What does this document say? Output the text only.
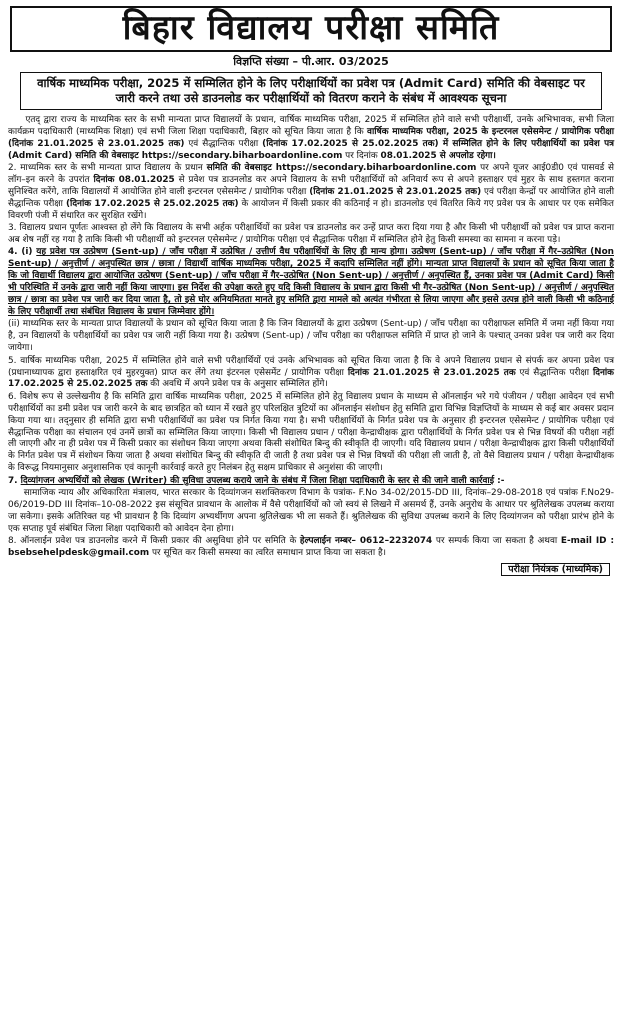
बिहार विद्यालय परीक्षा समिति
विज्ञप्ति संख्या – पी.आर. 03/2025
वार्षिक माध्यमिक परीक्षा, 2025 में सम्मिलित होने के लिए परीक्षार्थियों का प्रवेश पत्र (Admit Card) समिति की वेबसाइट पर जारी करने तथा उसे डाउनलोड कर परीक्षार्थियों को वितरण कराने के संबंध में आवश्यक सूचना

एतद् द्वारा राज्य के माध्यमिक स्तर के सभी मान्यता प्राप्त विद्यालयों के प्रधान, वार्षिक माध्यमिक परीक्षा, 2025 में सम्मिलित होने वाले सभी परीक्षार्थी, उनके अभिभावक, सभी जिला कार्यक्रम पदाधिकारी (माध्यमिक शिक्षा) एवं सभी जिला शिक्षा पदाधिकारी, बिहार को सूचित किया जाता है कि वार्षिक माध्यमिक परीक्षा, 2025 के इन्टरनल एसेसमेन्ट / प्रायोगिक परीक्षा (दिनांक 21.01.2025 से 23.01.2025 तक) एवं सैद्धान्तिक परीक्षा (दिनांक 17.02.2025 से 25.02.2025 तक) में सम्मिलित होने के लिए परीक्षार्थियों का प्रवेश पत्र (Admit Card) समिति की वेबसाइट https://secondary.biharboardonline.com पर दिनांक 08.01.2025 से अपलोड रहेगा।

2. माध्यमिक स्तर के सभी मान्यता प्राप्त विद्यालय के प्रधान समिति की वेबसाइट https://secondary.biharboardonline.com पर अपने यूजर आई0डी0 एवं पासवर्ड से लॉग–इन करने के उपरांत दिनांक 08.01.2025 से प्रवेश पत्र डाउनलोड कर अपने विद्यालय के सभी परीक्षार्थियों को अनिवार्य रूप से अपने हस्ताक्षर एवं मुहर के साथ हस्तगत कराना सुनिश्चित करेंगे, ताकि विद्यालयों में आयोजित होने वाली इन्टरनल एसेसमेन्ट / प्रायोगिक परीक्षा (दिनांक 21.01.2025 से 23.01.2025 तक) एवं परीक्षा केन्द्रों पर आयोजित होने वाली सैद्धान्तिक परीक्षा (दिनांक 17.02.2025 से 25.02.2025 तक) के आयोजन में किसी प्रकार की कठिनाई न हो। डाउनलोड एवं वितरित किये गए प्रवेश पत्र के आधार पर एक समेकित विवरणी पंजी में संधारित कर सुरक्षित रखेंगे।

3. विद्यालय प्रधान पूर्णतः आश्वस्त हो लेंगे कि विद्यालय के सभी अर्हक परीक्षार्थियों का प्रवेश पत्र डाउनलोड कर उन्हें प्राप्त करा दिया गया है और किसी भी परीक्षार्थी को प्रवेश पत्र प्राप्त कराना अब शेष नहीं रह गया है ताकि किसी भी परीक्षार्थी को इन्टरनल एसेसमेन्ट / प्रायोगिक परीक्षा एवं सैद्धान्तिक परीक्षा में सम्मिलित होने हेतु किसी समस्या का सामना न करना पड़े।

4. (i) यह प्रवेश पत्र उत्प्रेषण (Sent-up) / जाँच परीक्षा में उत्प्रेषित / उत्तीर्ण वैध परीक्षार्थियों के लिए ही मान्य होगा। उत्प्रेषण (Sent-up) / जाँच परीक्षा में गैर–उत्प्रेषित (Non Sent-up) / अनुत्तीर्ण / अनुपस्थित छात्र / छात्रा / विद्यार्थी वार्षिक माध्यमिक परीक्षा, 2025 में कदापि सम्मिलित नहीं होंगे। मान्यता प्राप्त विद्यालयों के प्रधान को सूचित किया जाता है कि जो विद्यार्थी विद्यालय द्वारा आयोजित उत्प्रेषण (Sent-up) / जाँच परीक्षा में गैर–उत्प्रेषित (Non Sent-up) / अनुत्तीर्ण / अनुपस्थित हैं, उनका प्रवेश पत्र (Admit Card) किसी भी परिस्थिति में उनके द्वारा जारी नहीं किया जाएगा। इस निर्देश की उपेक्षा करते हुए यदि किसी विद्यालय के प्रधान द्वारा किसी भी गैर–उत्प्रेषित (Non Sent-up) / अनुत्तीर्ण / अनुपस्थित छात्र / छात्रा का प्रवेश पत्र जारी कर दिया जाता है, तो इसे घोर अनियमितता मानते हुए समिति द्वारा मामले को अत्यंत गंभीरता से लिया जाएगा और इससे उत्पन्न होने वाली किसी भी कठिनाई के लिए परीक्षार्थी तथा संबंधित विद्यालय के प्रधान जिम्मेवार होंगे।

(ii) माध्यमिक स्तर के मान्यता प्राप्त विद्यालयों के प्रधान को सूचित किया जाता है कि जिन विद्यालयों के द्वारा उत्प्रेषण (Sent-up) / जाँच परीक्षा का परीक्षाफल समिति में जमा नहीं किया गया है, उन विद्यालयों के परीक्षार्थियों का प्रवेश पत्र जारी नहीं किया गया है। उत्प्रेषण (Sent-up) / जाँच परीक्षा का परीक्षाफल समिति में प्राप्त हो जाने के पश्चात् उनका प्रवेश पत्र जारी कर दिया जायेगा।

5. वार्षिक माध्यमिक परीक्षा, 2025 में सम्मिलित होने वाले सभी परीक्षार्थियों एवं उनके अभिभावक को सूचित किया जाता है कि वे अपने विद्यालय प्रधान से संपर्क कर अपना प्रवेश पत्र (प्रधानाध्यापक द्वारा हस्ताक्षरित एवं मुहरयुक्त) प्राप्त कर लेंगे तथा इंटरनल एसेसमेंट / प्रायोगिक परीक्षा दिनांक 21.01.2025 से 23.01.2025 तक एवं सैद्धान्तिक परीक्षा दिनांक 17.02.2025 से 25.02.2025 तक की अवधि में अपने प्रवेश पत्र के अनुसार सम्मिलित होंगे।

6. विशेष रूप से उल्लेखनीय है कि समिति द्वारा वार्षिक माध्यमिक परीक्षा, 2025 में सम्मिलित होने हेतु विद्यालय प्रधान के माध्यम से ऑनलाईन भरे गये पंजीयन / परीक्षा आवेदन एवं सभी परीक्षार्थियों का डमी प्रवेश पत्र जारी करने के बाद छात्रहित को ध्यान में रखते हुए परिलक्षित त्रुटियों का ऑनलाईन संशोधन हेतु समिति द्वारा विभिन्न विज्ञप्तियों के माध्यम से कई बार अवसर प्रदान किया गया था। तद्नुसार ही समिति द्वारा सभी परीक्षार्थियों का प्रवेश पत्र निर्गत किया गया है। सभी परीक्षार्थियों के निर्गत प्रवेश पत्र के अनुसार ही इन्टरनल एसेसमेन्ट / प्रायोगिक परीक्षा एवं सैद्धान्तिक परीक्षा का संचालन एवं उनमें छात्रों का सम्मिलित किया जाएगा। किसी भी विद्यालय प्रधान / परीक्षा केन्द्राधीक्षक द्वारा परीक्षार्थियों के निर्गत प्रवेश पत्र से भिन्न विषयों की परीक्षा नहीं ली जाएगी और ना ही प्रवेश पत्र में किसी प्रकार का संशोधन किया जाएगा अथवा किसी संशोधित बिन्दु की स्वीकृति दी जाएगी। यदि विद्यालय प्रधान / परीक्षा केन्द्राधीक्षक द्वारा किसी परीक्षार्थियों के निर्गत प्रवेश पत्र में संशोधन किया जाता है अथवा संशोधित बिन्दु की स्वीकृति दी जाती है तथा प्रवेश पत्र से भिन्न विषयों की परीक्षा ली जाती है, तो वैसे विद्यालय प्रधान / परीक्षा केन्द्राधीक्षक के विरूद्ध नियमानुसार अनुशासनिक एवं कानूनी कार्रवाई करते हुए निलंबन हेतु सक्षम प्राधिकार से अनुशंसा की जाएगी।

7. दिव्यांगजन अभ्यर्थियों को लेखक (Writer) की सुविधा उपलब्ध कराये जाने के संबंध में जिला शिक्षा पदाधिकारी के स्तर से की जाने वाली कार्रवाई :-

सामाजिक न्याय और अधिकारिता मंत्रालय, भारत सरकार के दिव्यांगजन सशक्तिकरण विभाग के पत्रांक- F.No 34-02/2015-DD III, दिनांक–29-08-2018 एवं पत्रांक F.No29-06/2019-DD III दिनांक–10-08-2022 इस संसूचित प्रावधान के आलोक में वैसे परीक्षार्थियों को जो स्वयं से लिखने में असमर्थ हैं, उनके अनुरोध के आधार पर श्रुतिलेखक उपलब्ध कराया जा सकेगा। इसके अतिरिक्त यह भी प्रावधान है कि दिव्यांग अभ्यर्थीगण अपना श्रुतिलेखक भी ला सकते हैं। श्रुतिलेखक की सुविधा उपलब्ध कराने के लिए दिव्यांगजन को परीक्षा प्रारंभ होने के एक सप्ताह पूर्व संबंधित जिला शिक्षा पदाधिकारी को आवेदन देना होगा।

8. ऑनलाईन प्रवेश पत्र डाउनलोड करने में किसी प्रकार की असुविधा होने पर समिति के हेल्पलाईन नम्बर– 0612–2232074 पर सम्पर्क किया जा सकता है अथवा E-mail ID : bsebsehelpdesk@gmail.com पर सूचित कर किसी समस्या का त्वरित समाधान प्राप्त किया जा सकता है।

परीक्षा नियंत्रक (माध्यमिक)
